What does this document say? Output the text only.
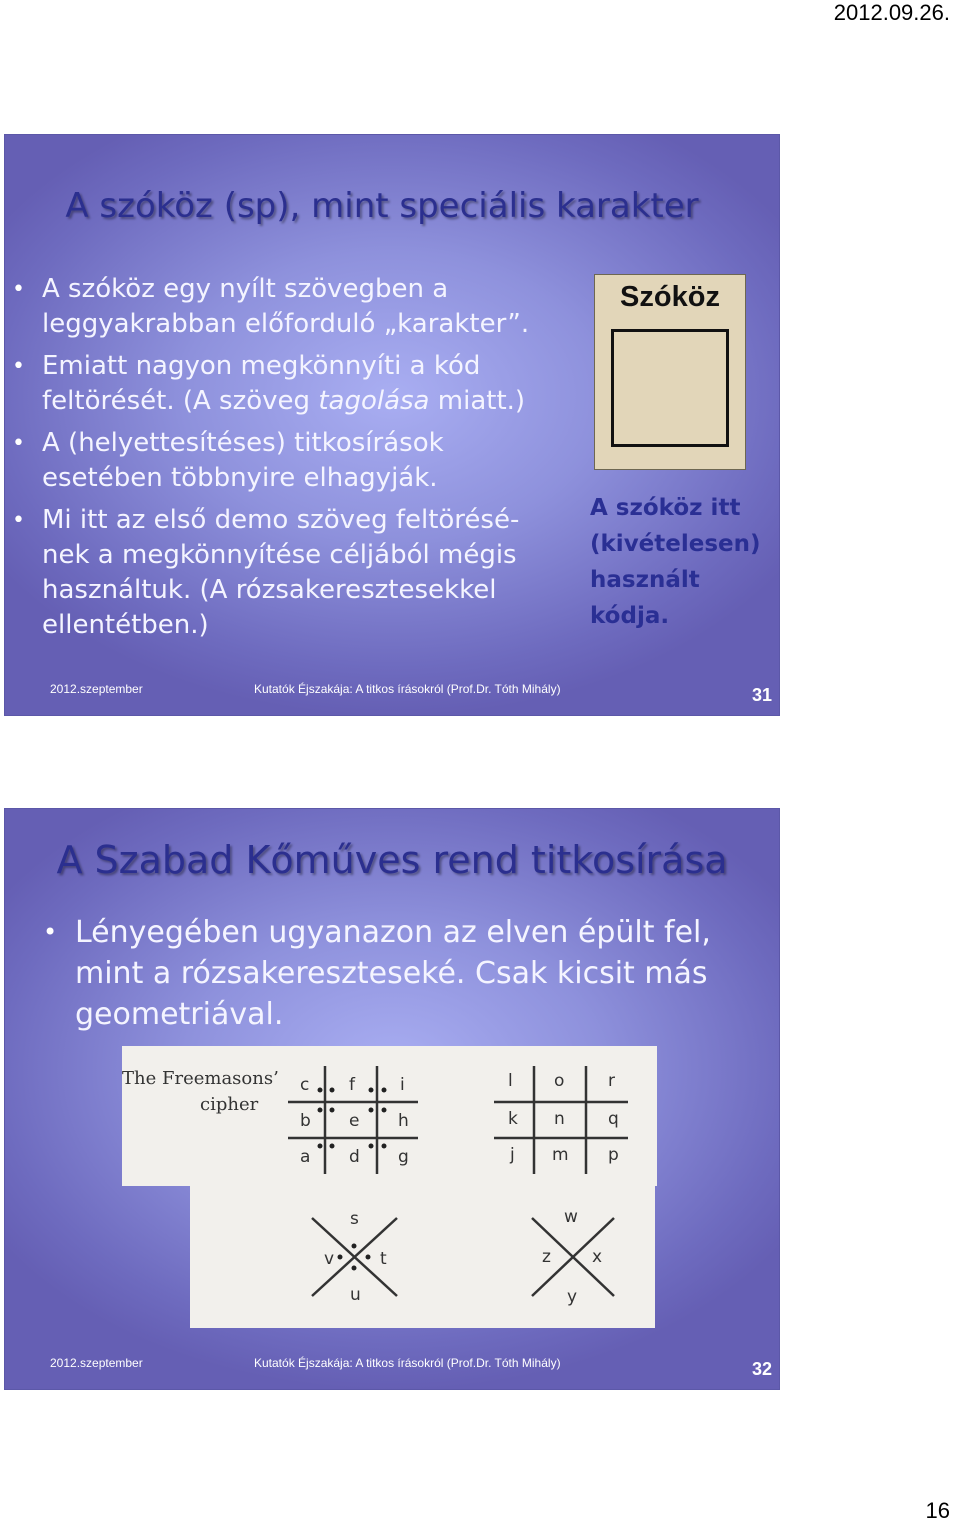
2012.09.26.
A szóköz (sp), mint speciális karakter
• A szóköz egy nyílt szövegben a leggyakrabban előforduló „karakter”.
• Emiatt nagyon megkönnyíti a kód feltörését. (A szöveg tagolása miatt.)
• A (helyettesítéses) titkosírások esetében többnyire elhagyják.
• Mi itt az első demo szöveg feltörésé-
nek a megkönnyítése céljából mégis
használtuk. (A rózsakeresztesekkel
ellentétben.)
Szóköz
A szóköz itt (kivételesen) használt kódja.
2012.szeptember	Kutatók Éjszakája: A titkos írásokról (Prof.Dr. Tóth Mihály)	31
A Szabad Kőműves rend titkosírása
• Lényegében ugyanazon az elven épült fel, mint a rózsakereszteseké. Csak kicsit más geometriával.
The Freemasons’
cipher
c f	i
b e h
a d g
l o	r
k n	q
j m p
s
v	t
u
w
z x
y
2012.szeptember	Kutatók Éjszakája: A titkos írásokról (Prof.Dr. Tóth Mihály)	32
16
